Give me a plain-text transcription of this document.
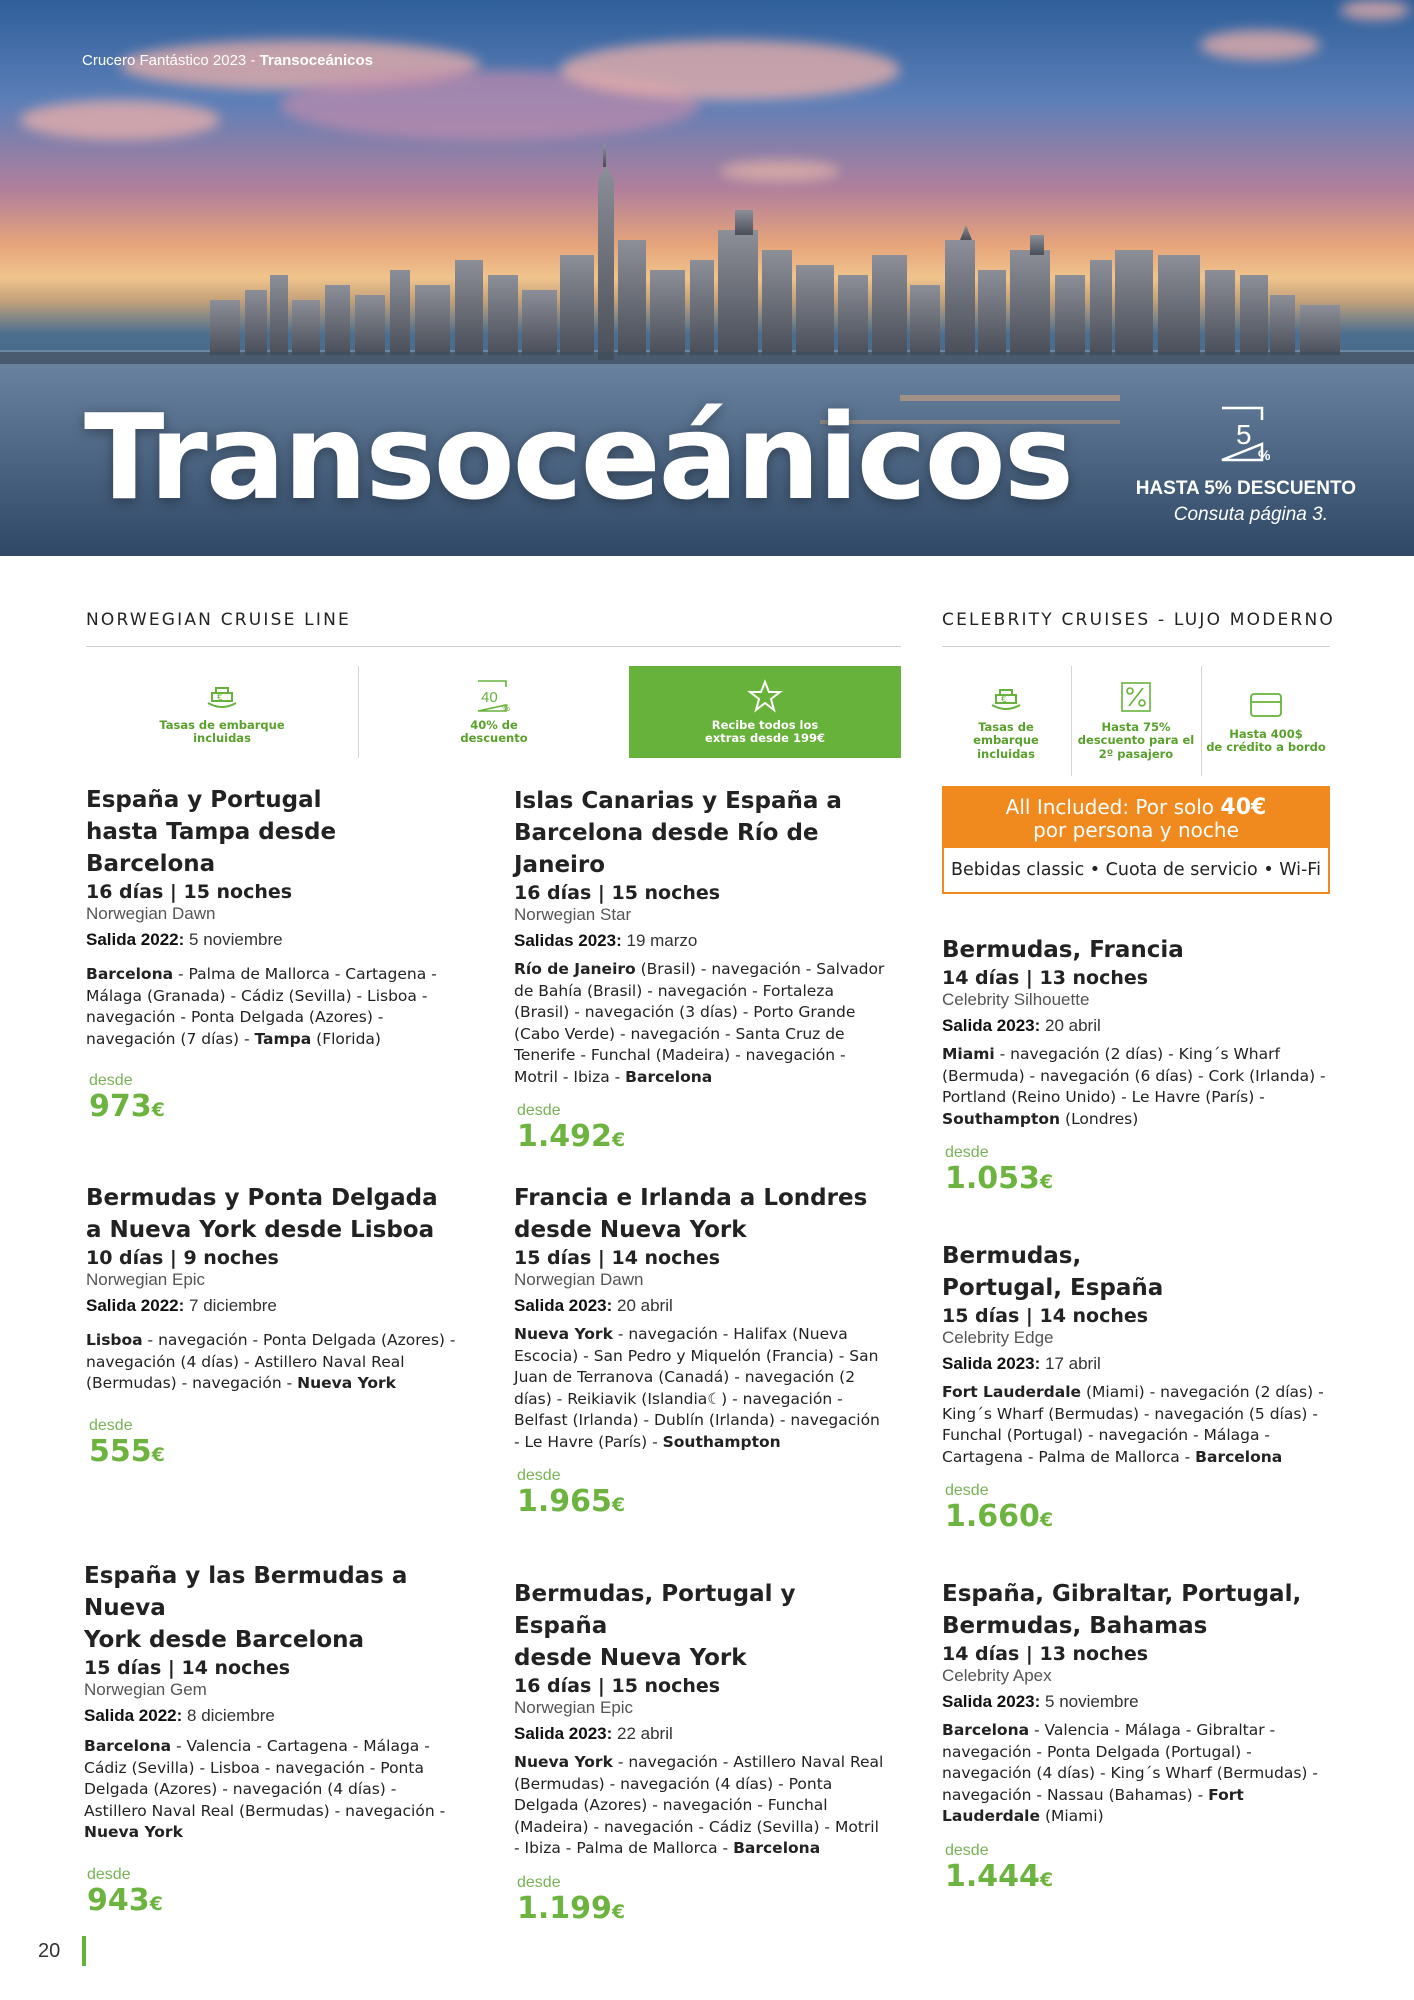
Crucero Fantástico 2023 - Transoceánicos
Transoceánicos	5
%
HASTA 5% DESCUENTO
Consuta página 3.
NORWEGIAN CRUISE LINE	CELEBRITY CRUISES - LUJO MODERNO
€
Tasas de embarque
incluidas
40
%
40% de
descuento
Recibe todos los
extras desde 199€
€
Tasas de
embarque
incluidas
Hasta 75%
descuento para el
2º pasajero
Hasta 400$
de crédito a bordo
All Included: Por solo 40€
por persona y noche
Bebidas classic • Cuota de servicio • Wi-Fi
España y Portugal
hasta Tampa desde Barcelona
16 días | 15 noches
Norwegian Dawn
Salida 2022: 5 noviembre
Barcelona - Palma de Mallorca - Cartagena - Málaga (Granada) - Cádiz (Sevilla) - Lisboa - navegación - Ponta Delgada (Azores) - navegación (7 días) - Tampa (Florida)
desde
973€
Islas Canarias y España a
Barcelona desde Río de Janeiro
16 días | 15 noches
Norwegian Star
Salidas 2023: 19 marzo
Río de Janeiro (Brasil) - navegación - Salvador de Bahía (Brasil) - navegación - Fortaleza (Brasil) - navegación (3 días) - Porto Grande (Cabo Verde) - navegación - Santa Cruz de Tenerife - Funchal (Madeira) - navegación - Motril - Ibiza - Barcelona
desde
1.492€
Bermudas, Francia
14 días | 13 noches
Celebrity Silhouette
Salida 2023: 20 abril
Miami - navegación (2 días) - King´s Wharf (Bermuda) - navegación (6 días) - Cork (Irlanda) - Portland (Reino Unido) - Le Havre (París) - Southampton (Londres)
desde
1.053€
Bermudas y Ponta Delgada
a Nueva York desde Lisboa
10 días | 9 noches
Norwegian Epic
Salida 2022: 7 diciembre
Lisboa - navegación - Ponta Delgada (Azores) - navegación (4 días) - Astillero Naval Real (Bermudas) - navegación - Nueva York
desde
555€
Francia e Irlanda a Londres
desde Nueva York
15 días | 14 noches
Norwegian Dawn
Salida 2023: 20 abril
Nueva York - navegación - Halifax (Nueva Escocia) - San Pedro y Miquelón (Francia) - San Juan de Terranova (Canadá) - navegación (2 días) - Reikiavik (Islandia☾) - navegación - Belfast (Irlanda) - Dublín (Irlanda) - navegación - Le Havre (París) - Southampton
desde
1.965€
Bermudas,
Portugal, España
15 días | 14 noches
Celebrity Edge
Salida 2023: 17 abril
Fort Lauderdale (Miami) - navegación (2 días) - King´s Wharf (Bermudas) - navegación (5 días) - Funchal (Portugal) - navegación - Málaga - Cartagena - Palma de Mallorca - Barcelona
desde
1.660€
España y las Bermudas a Nueva
York desde Barcelona
15 días | 14 noches
Norwegian Gem
Salida 2022: 8 diciembre
Barcelona - Valencia - Cartagena - Málaga - Cádiz (Sevilla) - Lisboa - navegación - Ponta Delgada (Azores) - navegación (4 días) - Astillero Naval Real (Bermudas) - navegación - Nueva York
desde
943€
Bermudas, Portugal y España
desde Nueva York
16 días | 15 noches
Norwegian Epic
Salida 2023: 22 abril
Nueva York - navegación - Astillero Naval Real (Bermudas) - navegación (4 días) - Ponta Delgada (Azores) - navegación - Funchal (Madeira) - navegación - Cádiz (Sevilla) - Motril - Ibiza - Palma de Mallorca - Barcelona
desde
1.199€
España, Gibraltar, Portugal,
Bermudas, Bahamas
14 días | 13 noches
Celebrity Apex
Salida 2023: 5 noviembre
Barcelona - Valencia - Málaga - Gibraltar - navegación - Ponta Delgada (Portugal) - navegación (4 días) - King´s Wharf (Bermudas) - navegación - Nassau (Bahamas) - Fort Lauderdale (Miami)
desde
1.444€
20
